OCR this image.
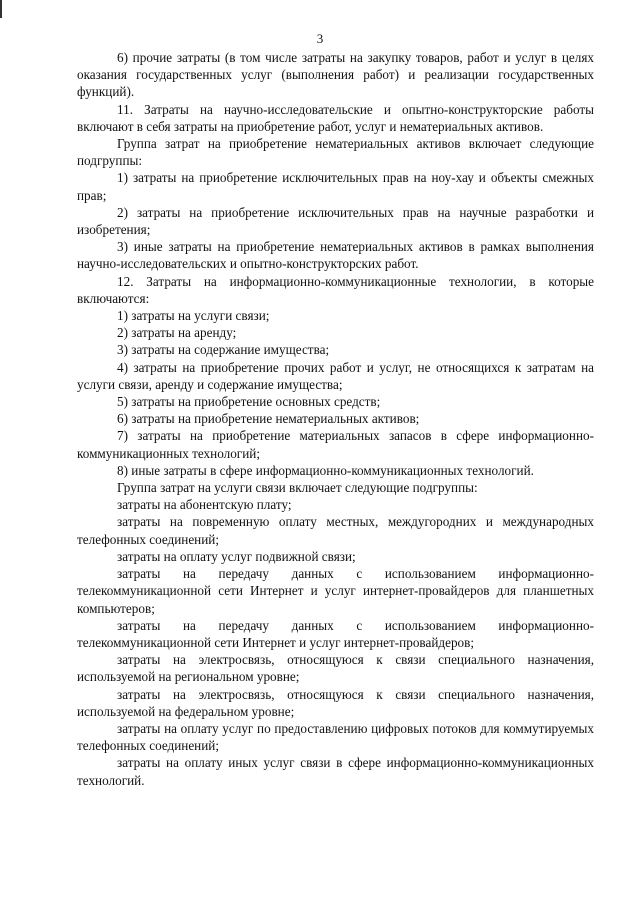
3

6) прочие затраты (в том числе затраты на закупку товаров, работ и услуг в целях оказания государственных услуг (выполнения работ) и реализации государственных функций).

11. Затраты на научно-исследовательские и опытно-конструкторские работы включают в себя затраты на приобретение работ, услуг и нематериальных активов.

Группа затрат на приобретение нематериальных активов включает следующие подгруппы:

1) затраты на приобретение исключительных прав на ноу-хау и объекты смежных прав;

2) затраты на приобретение исключительных прав на научные разработки и изобретения;

3) иные затраты на приобретение нематериальных активов в рамках выполнения научно-исследовательских и опытно-конструкторских работ.

12. Затраты на информационно-коммуникационные технологии, в которые включаются:

1) затраты на услуги связи;

2) затраты на аренду;

3) затраты на содержание имущества;

4) затраты на приобретение прочих работ и услуг, не относящихся к затратам на услуги связи, аренду и содержание имущества;

5) затраты на приобретение основных средств;

6) затраты на приобретение нематериальных активов;

7) затраты на приобретение материальных запасов в сфере информационно-коммуникационных технологий;

8) иные затраты в сфере информационно-коммуникационных технологий.

Группа затрат на услуги связи включает следующие подгруппы:

затраты на абонентскую плату;

затраты на повременную оплату местных, междугородних и международных телефонных соединений;

затраты на оплату услуг подвижной связи;

затраты на передачу данных с использованием информационно-телекоммуникационной сети Интернет и услуг интернет-провайдеров для планшетных компьютеров;

затраты на передачу данных с использованием информационно-телекоммуникационной сети Интернет и услуг интернет-провайдеров;

затраты на электросвязь, относящуюся к связи специального назначения, используемой на региональном уровне;

затраты на электросвязь, относящуюся к связи специального назначения, используемой на федеральном уровне;

затраты на оплату услуг по предоставлению цифровых потоков для коммутируемых телефонных соединений;

затраты на оплату иных услуг связи в сфере информационно-коммуникационных технологий.
